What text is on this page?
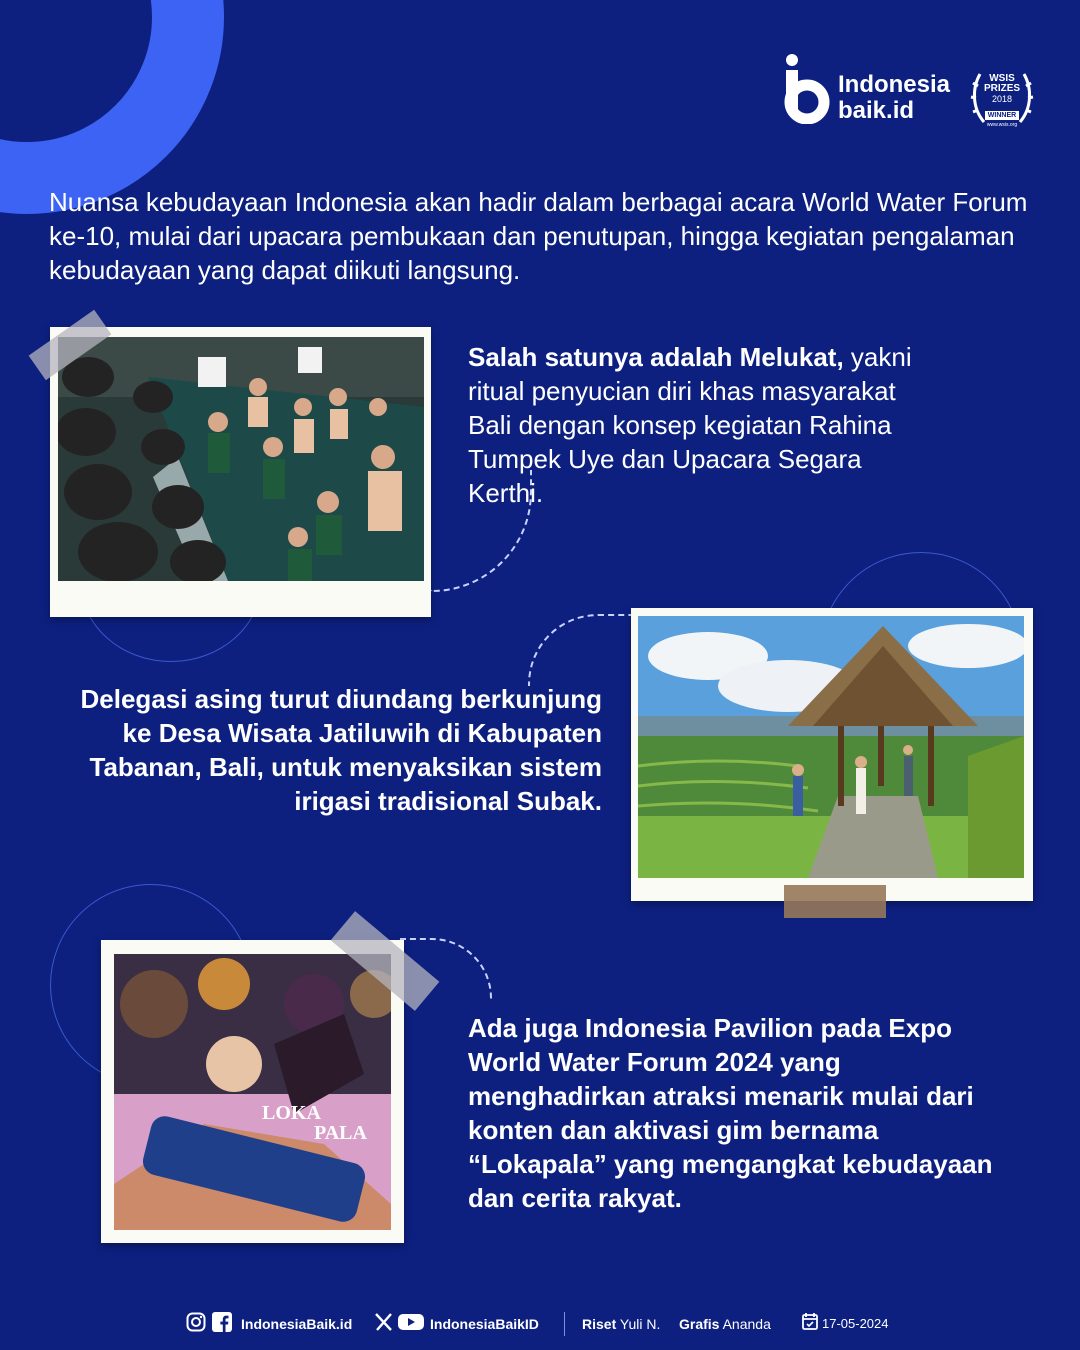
Indonesia
baik.id
WSIS
PRIZES
2018
WINNER
www.wsis.org
Nuansa kebudayaan Indonesia akan hadir dalam berbagai acara World Water Forum ke-10, mulai dari upacara pembukaan dan penutupan, hingga kegiatan pengalaman kebudayaan yang dapat diikuti langsung.
Salah satunya adalah Melukat, yakni ritual penyucian diri khas masyarakat Bali dengan konsep kegiatan Rahina Tumpek Uye dan Upacara Segara Kerthi.
Delegasi asing turut diundang berkunjung ke Desa Wisata Jatiluwih di Kabupaten Tabanan, Bali, untuk menyaksikan sistem irigasi tradisional Subak.
LOKA
PALA
Ada juga Indonesia Pavilion pada Expo World Water Forum 2024 yang menghadirkan atraksi menarik mulai dari konten dan aktivasi gim bernama “Lokapala” yang mengangkat kebudayaan dan cerita rakyat.
IndonesiaBaik.id	IndonesiaBaikID	Riset Yuli N. Grafis Ananda	17-05-2024
